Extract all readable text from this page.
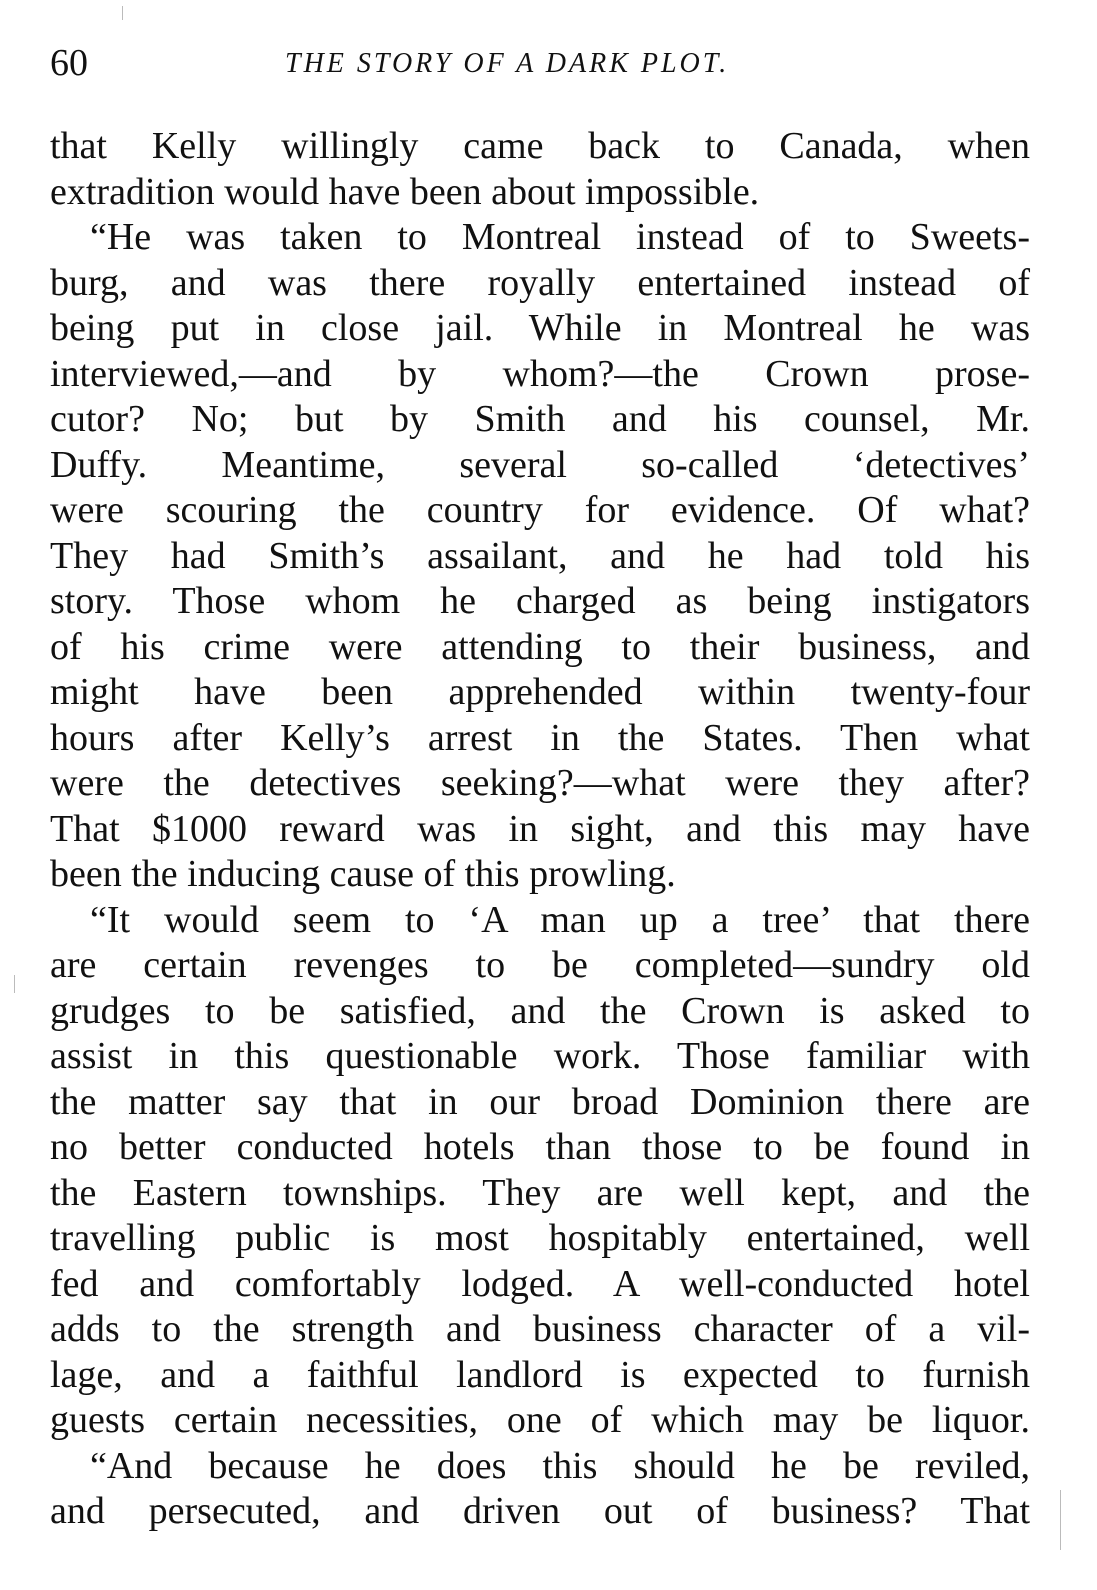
60	THE STORY OF A DARK PLOT.
that Kelly willingly came back to Canada, when
extradition would have been about impossible.
“He was taken to Montreal instead of to Sweets-
burg, and was there royally entertained instead of
being put in close jail. While in Montreal he was
interviewed,—and by whom?—the Crown prose-
cutor? No; but by Smith and his counsel, Mr.
Duffy. Meantime, several so-called ‘detectives’
were scouring the country for evidence. Of what?
They had Smith’s assailant, and he had told his
story. Those whom he charged as being instigators
of his crime were attending to their business, and
might have been apprehended within twenty-four
hours after Kelly’s arrest in the States. Then what
were the detectives seeking?—what were they after?
That $1000 reward was in sight, and this may have
been the inducing cause of this prowling.
“It would seem to ‘A man up a tree’ that there
are certain revenges to be completed—sundry old
grudges to be satisfied, and the Crown is asked to
assist in this questionable work. Those familiar with
the matter say that in our broad Dominion there are
no better conducted hotels than those to be found in
the Eastern townships. They are well kept, and the
travelling public is most hospitably entertained, well
fed and comfortably lodged. A well-conducted hotel
adds to the strength and business character of a vil-
lage, and a faithful landlord is expected to furnish
guests certain necessities, one of which may be liquor.
“And because he does this should he be reviled,
and persecuted, and driven out of business? That
